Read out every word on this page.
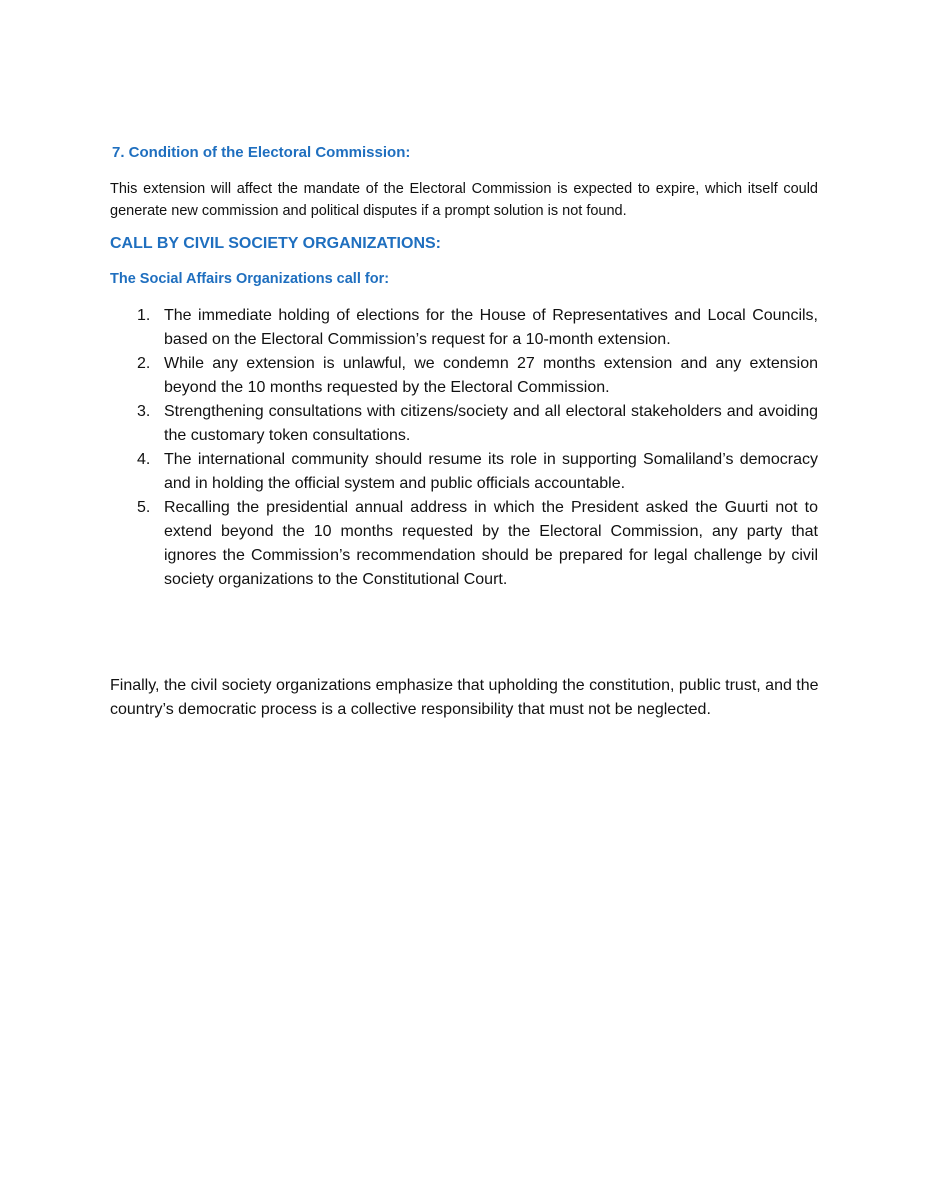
7. Condition of the Electoral Commission:

This extension will affect the mandate of the Electoral Commission is expected to expire, which itself could generate new commission and political disputes if a prompt solution is not found.

CALL BY CIVIL SOCIETY ORGANIZATIONS:

The Social Affairs Organizations call for:

1. The immediate holding of elections for the House of Representatives and Local Councils, based on the Electoral Commission’s request for a 10-month extension.
2. While any extension is unlawful, we condemn 27 months extension and any extension beyond the 10 months requested by the Electoral Commission.
3. Strengthening consultations with citizens/society and all electoral stakeholders and avoiding the customary token consultations.
4. The international community should resume its role in supporting Somaliland’s democracy and in holding the official system and public officials accountable.
5. Recalling the presidential annual address in which the President asked the Guurti not to extend beyond the 10 months requested by the Electoral Commission, any party that ignores the Commission’s recommendation should be prepared for legal challenge by civil society organizations to the Constitutional Court.

Finally, the civil society organizations emphasize that upholding the constitution, public trust, and the country’s democratic process is a collective responsibility that must not be neglected.
